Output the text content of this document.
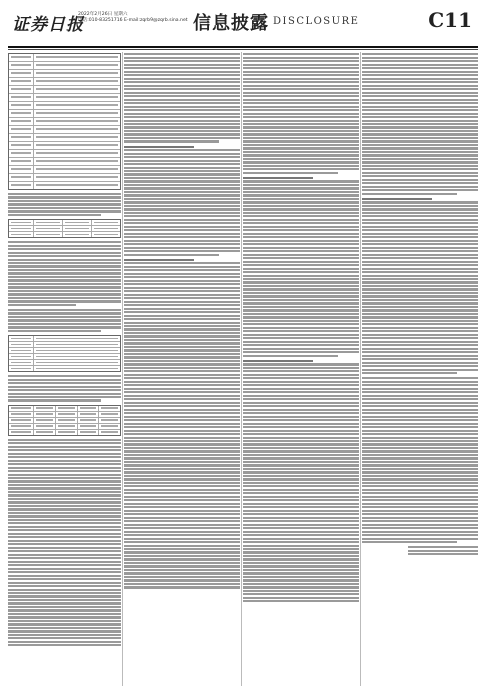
证券日报
2022年2月26日 星期六
电话:010-83251716 E-mail:zqrb9@zqrb.sina.net 信息披露 DISCLOSURE	C11
